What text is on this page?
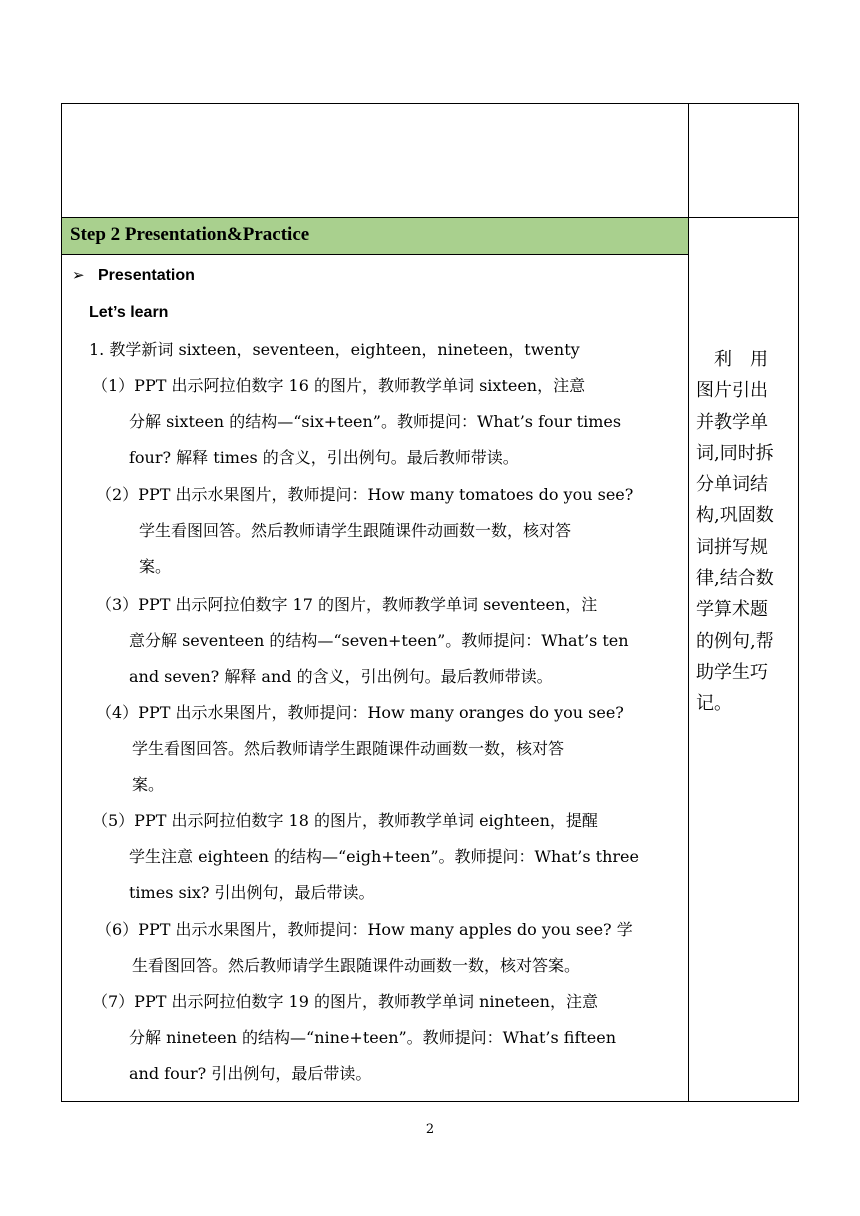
Step 2 Presentation&Practice
➢ Presentation
Let’s learn
1. 教学新词 sixteen，seventeen，eighteen，nineteen，twenty
（1）PPT 出示阿拉伯数字 16 的图片，教师教学单词 sixteen，注意
分解 sixteen 的结构—“six+teen”。教师提问：What’s four times
four? 解释 times 的含义，引出例句。最后教师带读。
（2）PPT 出示水果图片，教师提问：How many tomatoes do you see?
学生看图回答。然后教师请学生跟随课件动画数一数，核对答
案。
（3）PPT 出示阿拉伯数字 17 的图片，教师教学单词 seventeen，注
意分解 seventeen 的结构—“seven+teen”。教师提问：What’s ten
and seven? 解释 and 的含义，引出例句。最后教师带读。
（4）PPT 出示水果图片，教师提问：How many oranges do you see?
学生看图回答。然后教师请学生跟随课件动画数一数，核对答
案。
（5）PPT 出示阿拉伯数字 18 的图片，教师教学单词 eighteen，提醒
学生注意 eighteen 的结构—“eigh+teen”。教师提问：What’s three
times six? 引出例句，最后带读。
（6）PPT 出示水果图片，教师提问：How many apples do you see? 学
生看图回答。然后教师请学生跟随课件动画数一数，核对答案。
（7）PPT 出示阿拉伯数字 19 的图片，教师教学单词 nineteen，注意
分解 nineteen 的结构—“nine+teen”。教师提问：What’s fifteen
and four? 引出例句，最后带读。
　利　用
图片引出
并教学单
词,同时拆
分单词结
构,巩固数
词拼写规
律,结合数
学算术题
的例句,帮
助学生巧
记。
2
